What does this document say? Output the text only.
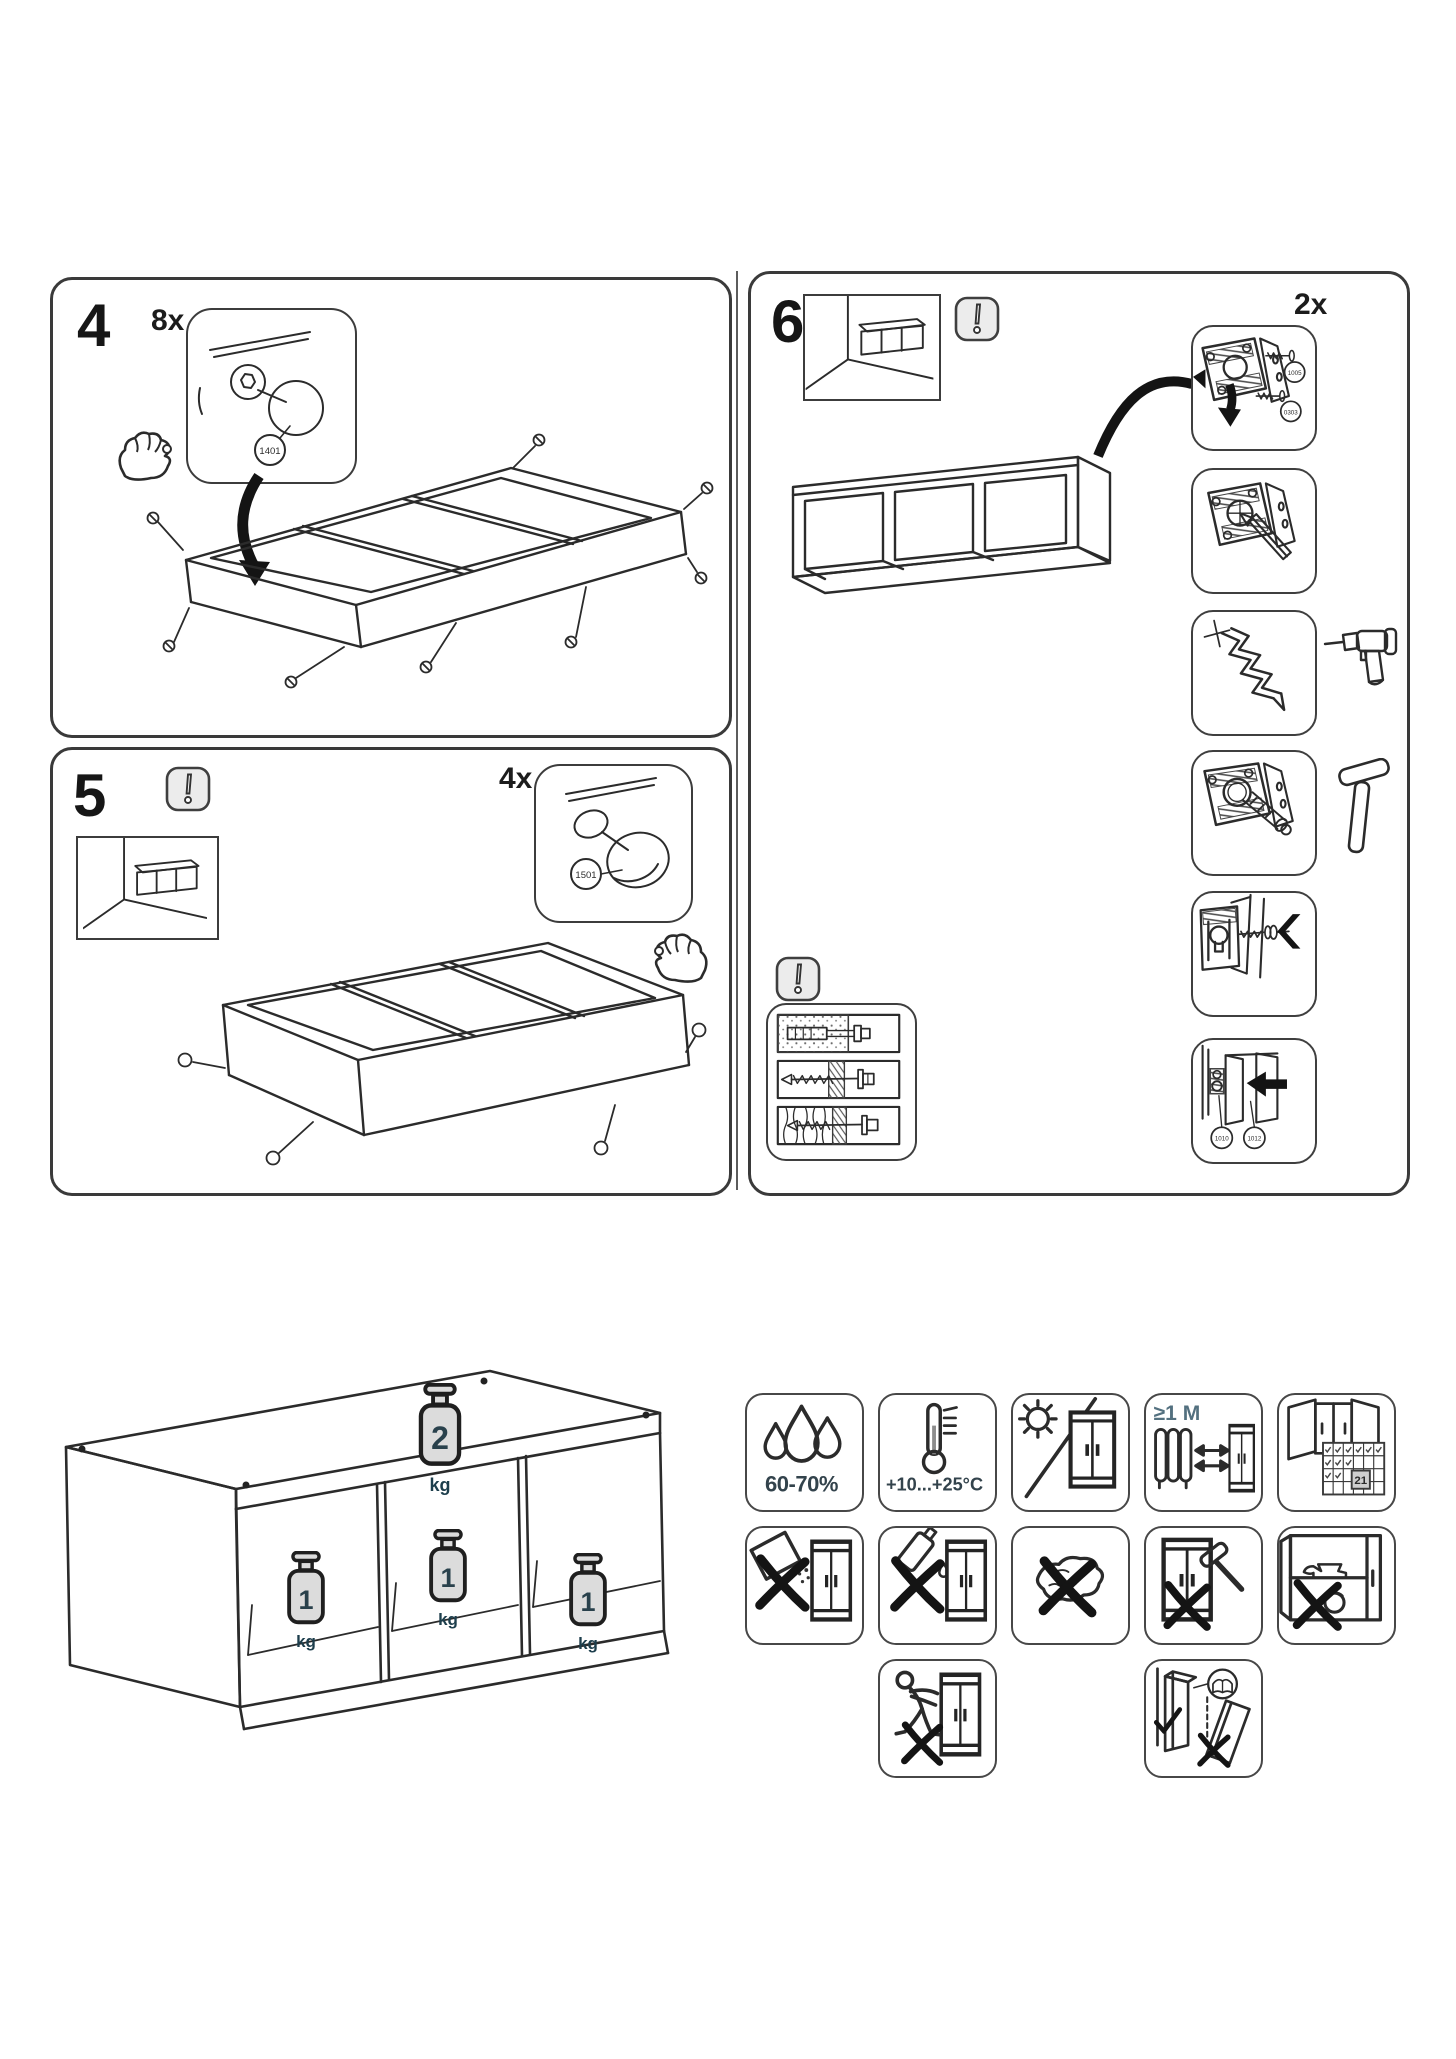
4 8x
1401
5	4x
1501
6	2x
1005
0303
1010	1012
2
kg
1
kg
1
kg
1
kg
60-70%	+10...+25°C
≥1 М
21
